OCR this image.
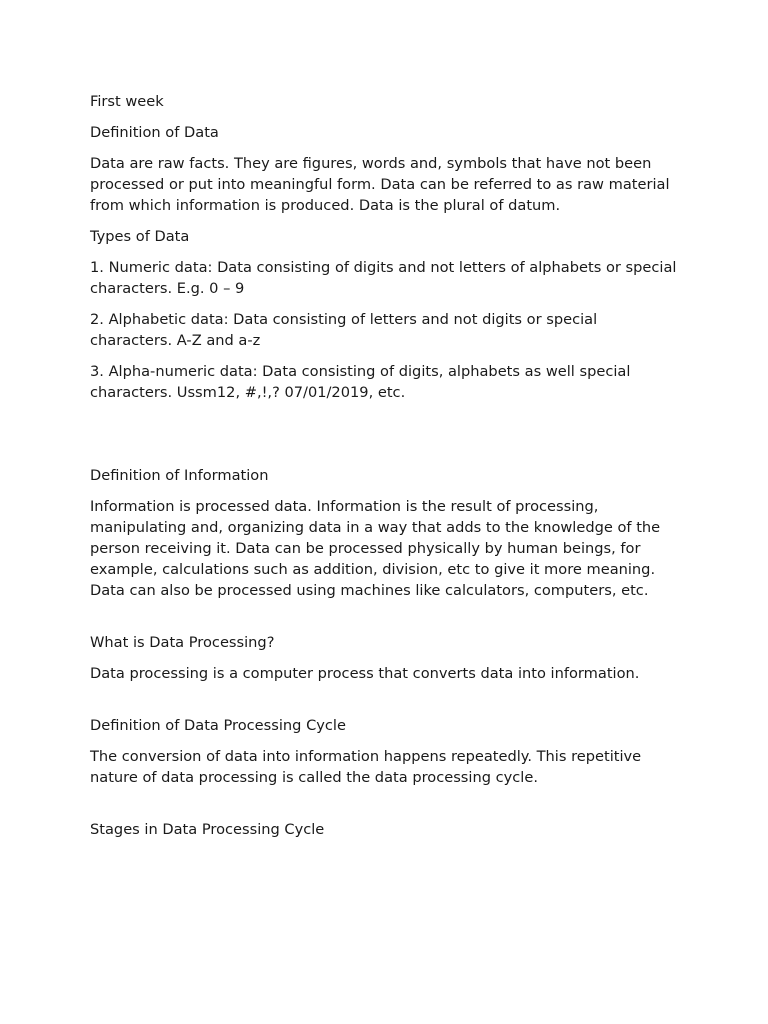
First week

Definition of Data

Data are raw facts. They are figures, words and, symbols that have not been processed or put into meaningful form. Data can be referred to as raw material from which information is produced. Data is the plural of datum.

Types of Data

1. Numeric data: Data consisting of digits and not letters of alphabets or special characters. E.g. 0 – 9

2. Alphabetic data: Data consisting of letters and not digits or special characters. A-Z and a-z

3. Alpha-numeric data: Data consisting of digits, alphabets as well special characters. Ussm12, #,!,? 07/01/2019, etc.

Definition of Information

Information is processed data. Information is the result of processing, manipulating and, organizing data in a way that adds to the knowledge of the person receiving it. Data can be processed physically by human beings, for example, calculations such as addition, division, etc to give it more meaning. Data can also be processed using machines like calculators, computers, etc.

What is Data Processing?

Data processing is a computer process that converts data into information.

Definition of Data Processing Cycle

The conversion of data into information happens repeatedly. This repetitive nature of data processing is called the data processing cycle.

Stages in Data Processing Cycle
